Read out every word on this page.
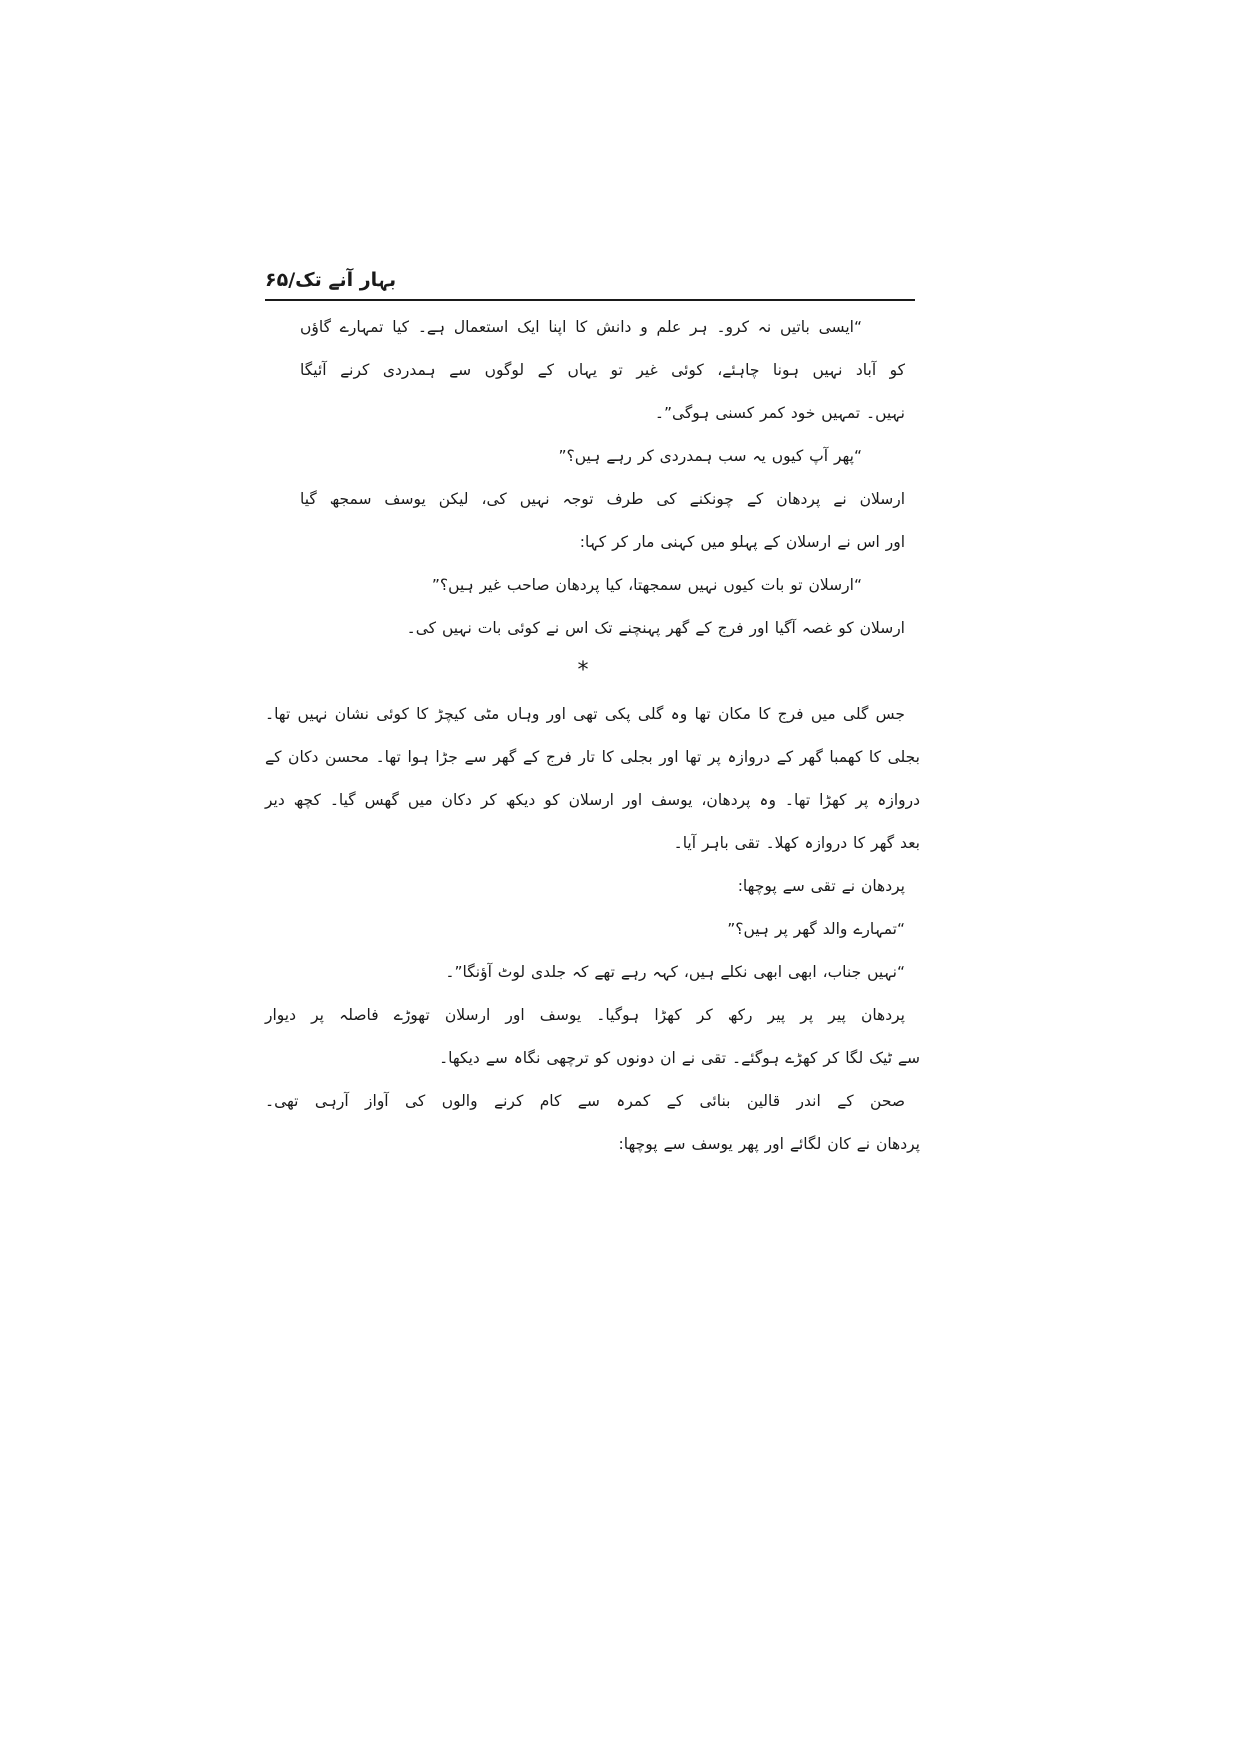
بہار آنے تک/۶۵
“ایسی باتیں نہ کرو۔ ہر علم و دانش کا اپنا ایک استعمال ہے۔ کیا تمہارے گاؤں
کو آباد نہیں ہونا چاہئے، کوئی غیر تو یہاں کے لوگوں سے ہمدردی کرنے آئیگا
نہیں۔ تمہیں خود کمر کسنی ہوگی”۔
“پھر آپ کیوں یہ سب ہمدردی کر رہے ہیں؟”
ارسلان نے پردھان کے چونکنے کی طرف توجہ نہیں کی، لیکن یوسف سمجھ گیا
اور اس نے ارسلان کے پہلو میں کہنی مار کر کہا:
“ارسلان تو بات کیوں نہیں سمجھتا، کیا پردھان صاحب غیر ہیں؟”
ارسلان کو غصہ آگیا اور فرج کے گھر پہنچنے تک اس نے کوئی بات نہیں کی۔
*
جس گلی میں فرج کا مکان تھا وہ گلی پکی تھی اور وہاں مٹی کیچڑ کا کوئی نشان نہیں تھا۔
بجلی کا کھمبا گھر کے دروازہ پر تھا اور بجلی کا تار فرج کے گھر سے جڑا ہوا تھا۔ محسن دکان کے
دروازہ پر کھڑا تھا۔ وہ پردھان، یوسف اور ارسلان کو دیکھ کر دکان میں گھس گیا۔ کچھ دیر
بعد گھر کا دروازہ کھلا۔ تقی باہر آیا۔
پردھان نے تقی سے پوچھا:
“تمہارے والد گھر پر ہیں؟”
“نہیں جناب، ابھی ابھی نکلے ہیں، کہہ رہے تھے کہ جلدی لوٹ آؤنگا”۔
پردھان پیر پر پیر رکھ کر کھڑا ہوگیا۔ یوسف اور ارسلان تھوڑے فاصلہ پر دیوار
سے ٹیک لگا کر کھڑے ہوگئے۔ تقی نے ان دونوں کو ترچھی نگاہ سے دیکھا۔
صحن کے اندر قالین بنائی کے کمرہ سے کام کرنے والوں کی آواز آرہی تھی۔
پردھان نے کان لگائے اور پھر یوسف سے پوچھا:
